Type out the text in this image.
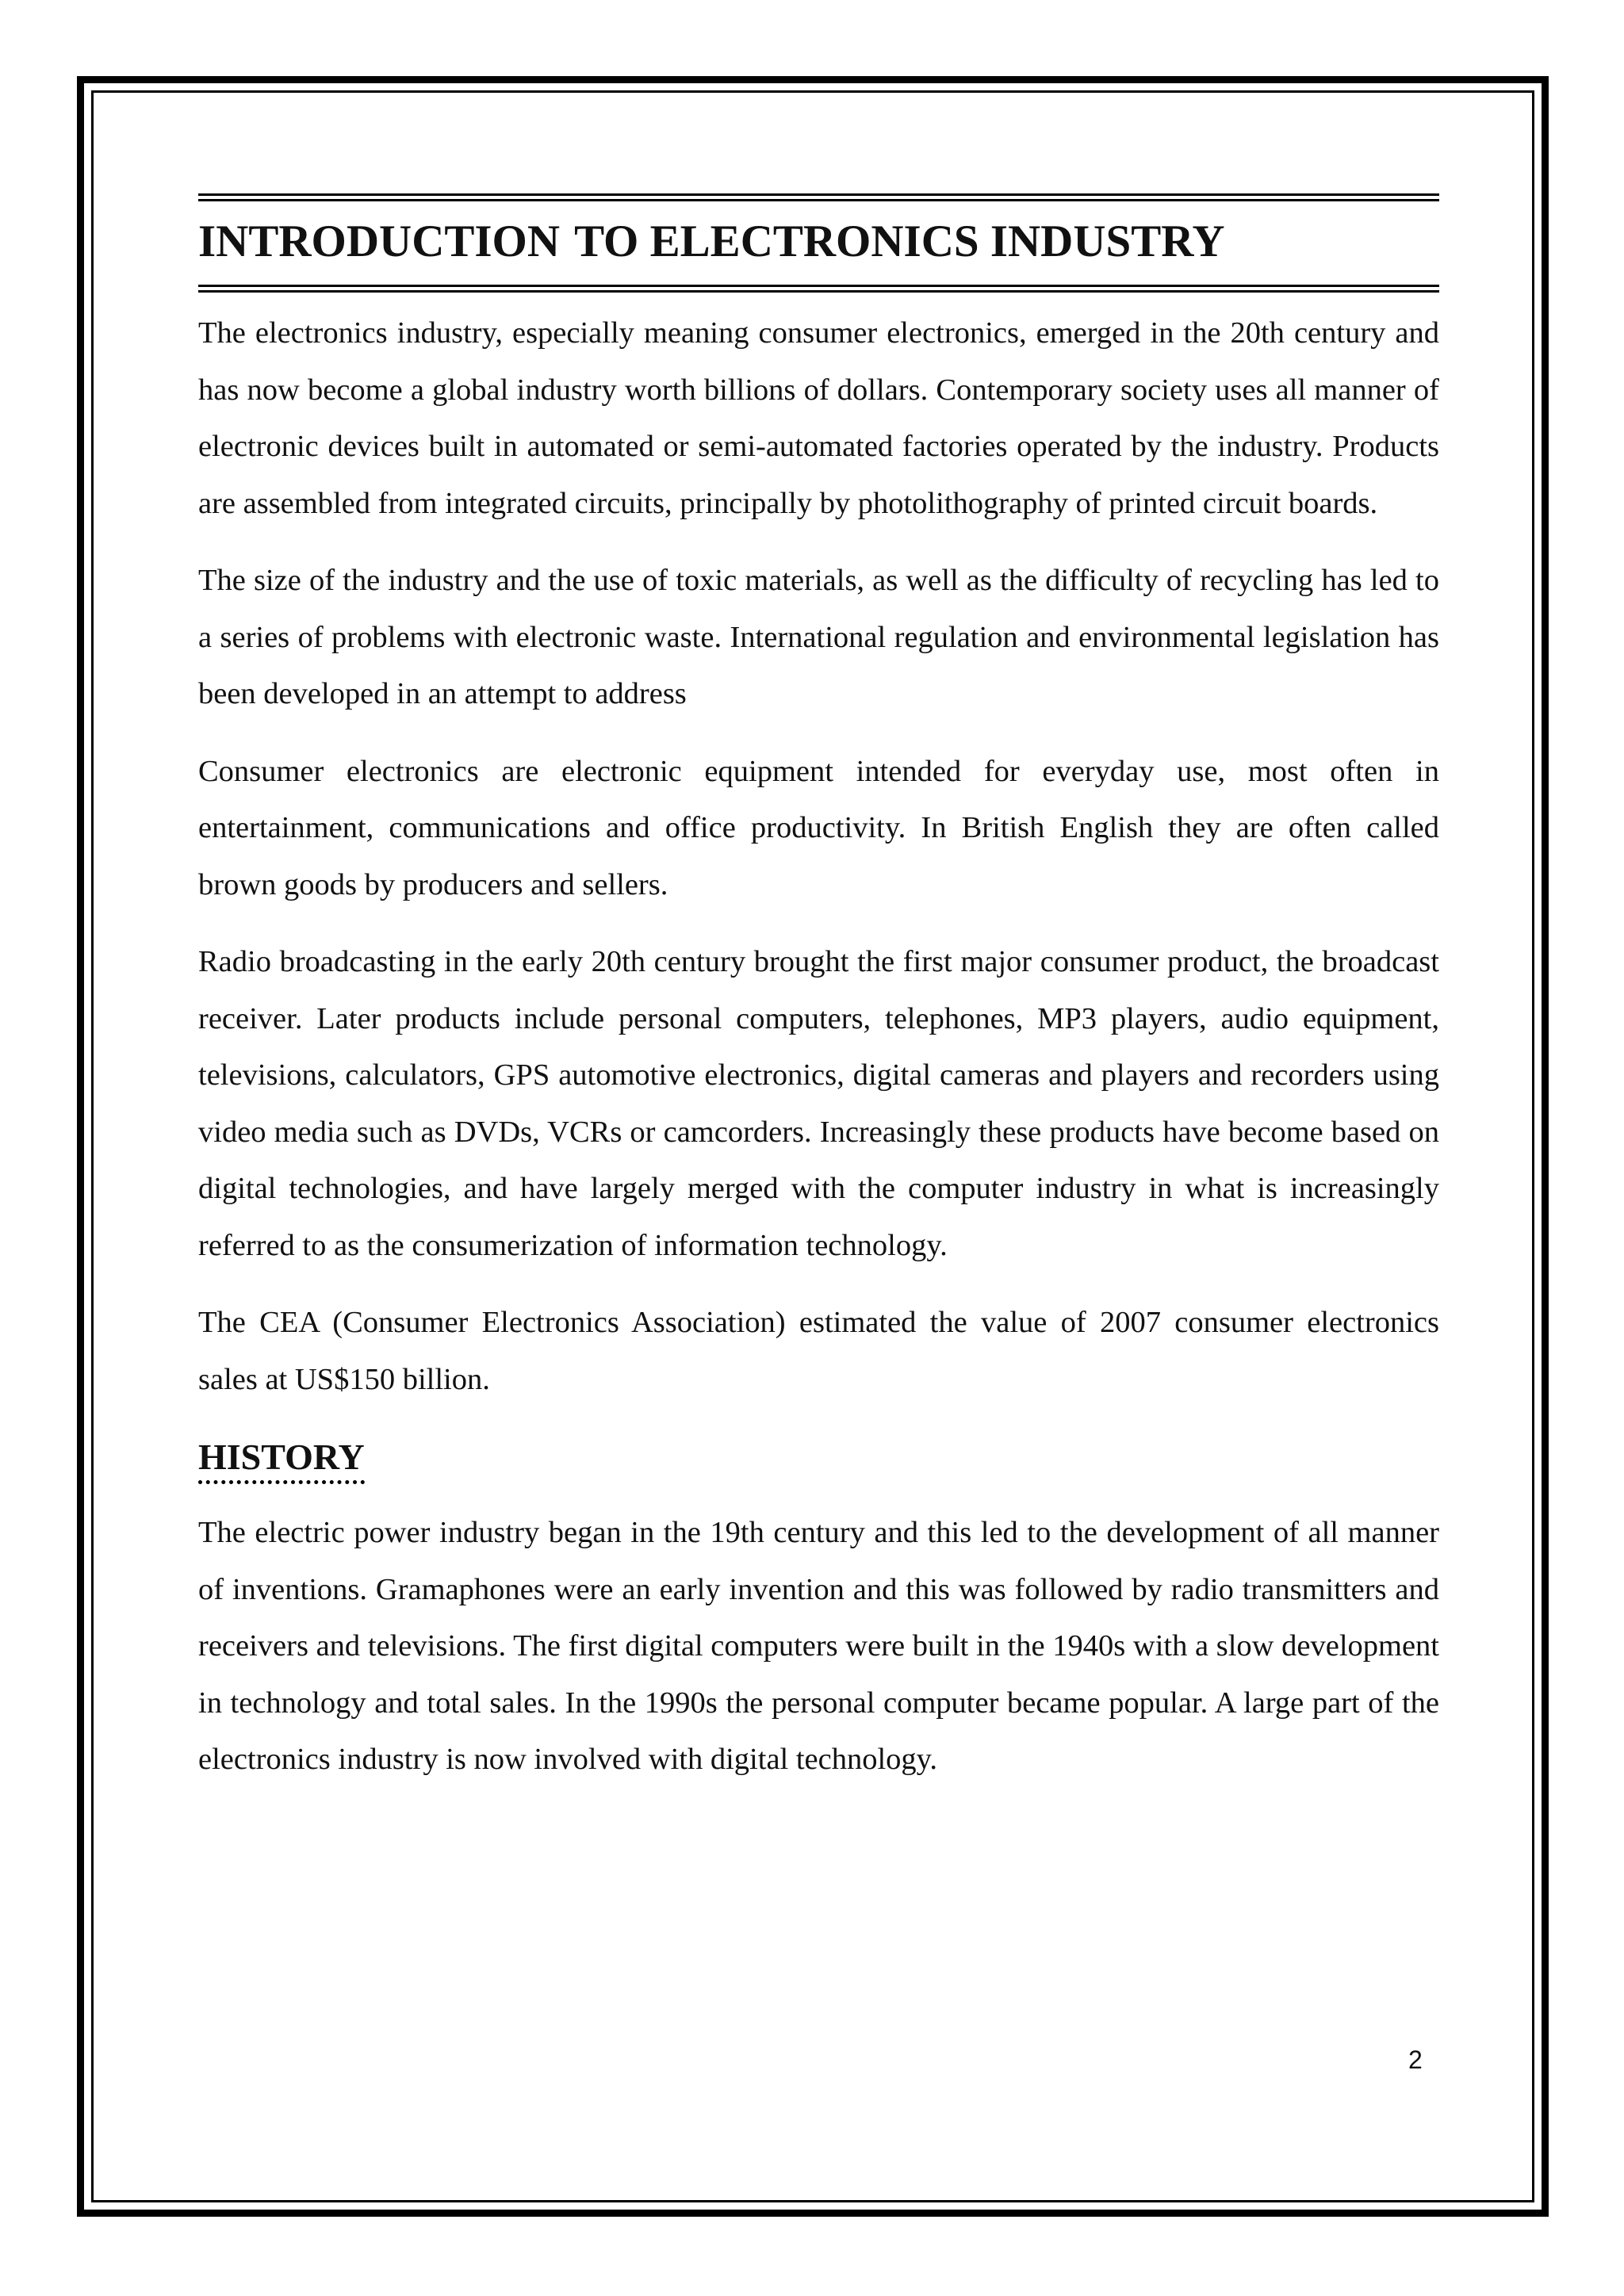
INTRODUCTION TO ELECTRONICS INDUSTRY

The electronics industry, especially meaning consumer electronics, emerged in the 20th century and has now become a global industry worth billions of dollars. Contemporary society uses all manner of electronic devices built in automated or semi-automated factories operated by the industry. Products are assembled from integrated circuits, principally by photolithography of printed circuit boards.

The size of the industry and the use of toxic materials, as well as the difficulty of recycling has led to a series of problems with electronic waste. International regulation and environmental legislation has been developed in an attempt to address

Consumer electronics are electronic equipment intended for everyday use, most often in entertainment, communications and office productivity. In British English they are often called brown goods by producers and sellers.

Radio broadcasting in the early 20th century brought the first major consumer product, the broadcast receiver. Later products include personal computers, telephones, MP3 players, audio equipment, televisions, calculators, GPS automotive electronics, digital cameras and players and recorders using video media such as DVDs, VCRs or camcorders. Increasingly these products have become based on digital technologies, and have largely merged with the computer industry in what is increasingly referred to as the consumerization of information technology.

The CEA (Consumer Electronics Association) estimated the value of 2007 consumer electronics sales at US$150 billion.

HISTORY

The electric power industry began in the 19th century and this led to the development of all manner of inventions. Gramaphones were an early invention and this was followed by radio transmitters and receivers and televisions. The first digital computers were built in the 1940s with a slow development in technology and total sales. In the 1990s the personal computer became popular. A large part of the electronics industry is now involved with digital technology.

2
